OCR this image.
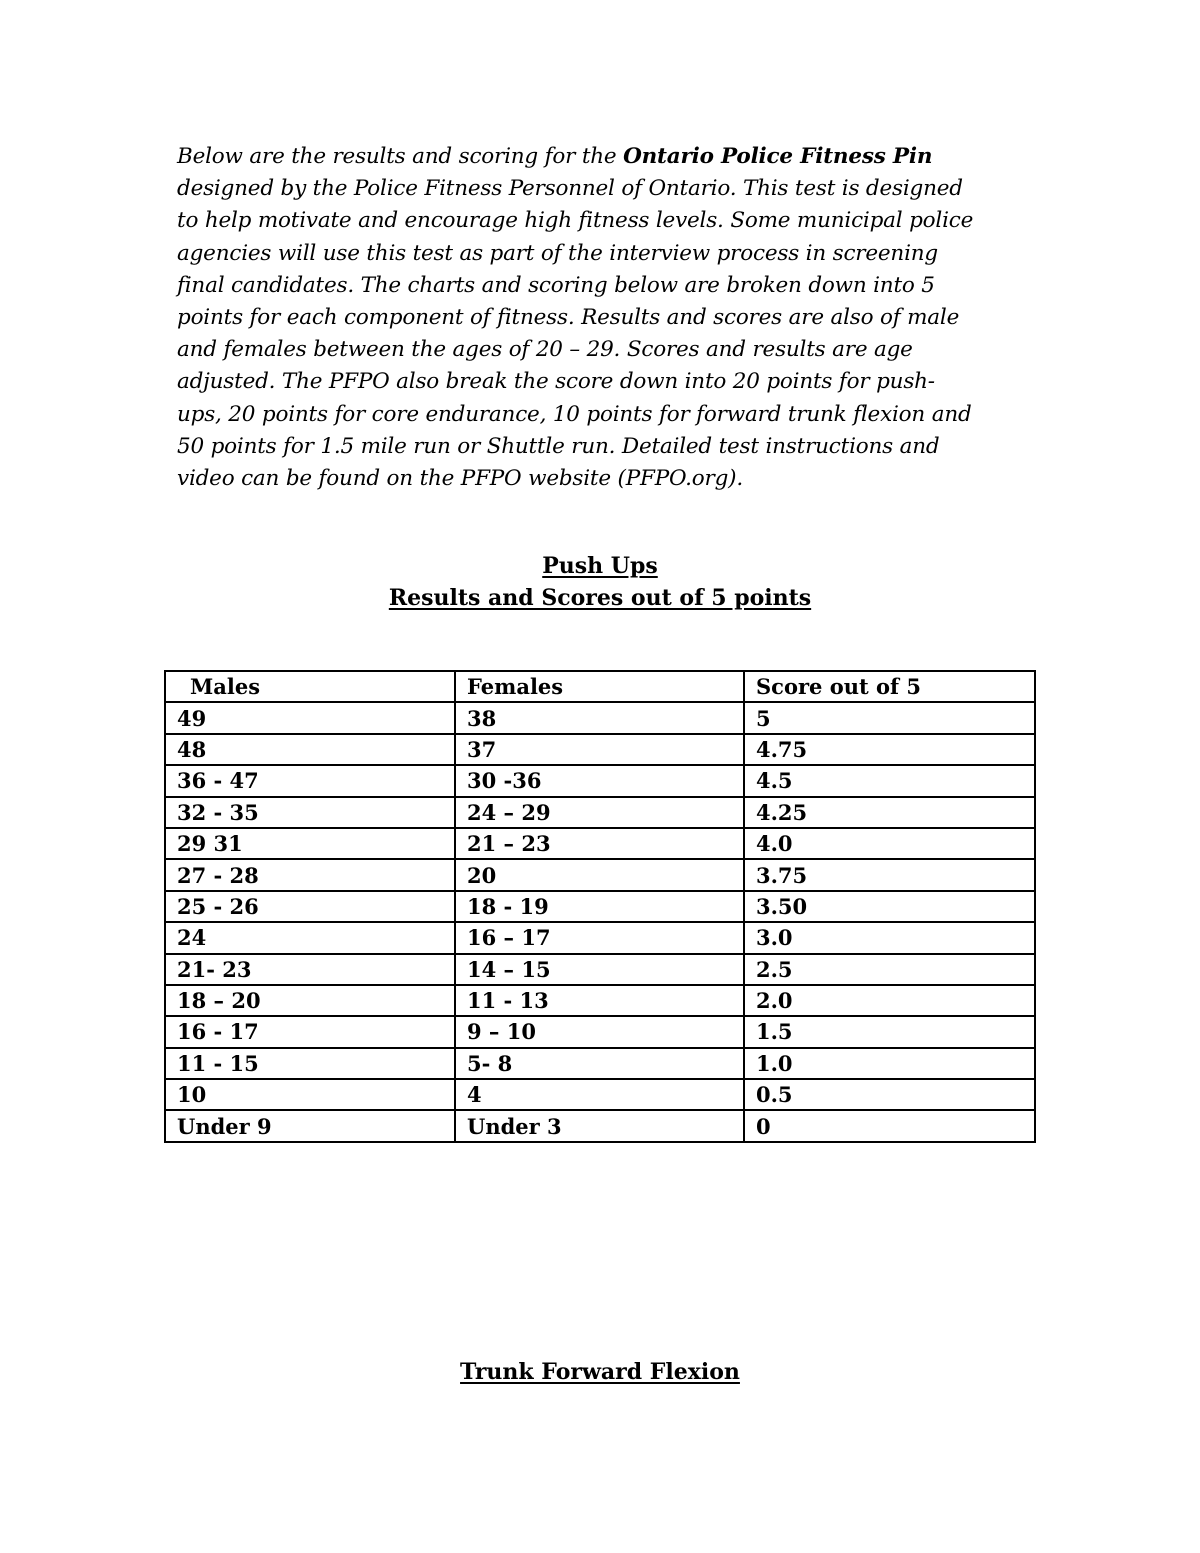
Below are the results and scoring for the Ontario Police Fitness Pin
designed by the Police Fitness Personnel of Ontario. This test is designed
to help motivate and encourage high fitness levels. Some municipal police
agencies will use this test as part of the interview process in screening
final candidates. The charts and scoring below are broken down into 5
points for each component of fitness. Results and scores are also of male
and females between the ages of 20 – 29. Scores and results are age
adjusted. The PFPO also break the score down into 20 points for push-
ups, 20 points for core endurance, 10 points for forward trunk flexion and
50 points for 1.5 mile run or Shuttle run. Detailed test instructions and
video can be found on the PFPO website (PFPO.org).
Push Ups
Results and Scores out of 5 points
Males	Females	Score out of 5
49	38	5
48	37	4.75
36 - 47	30 -36	4.5
32 - 35	24 – 29	4.25
29 31	21 – 23	4.0
27 - 28	20	3.75
25 - 26	18 - 19	3.50
24	16 – 17	3.0
21- 23	14 – 15	2.5
18 – 20	11 - 13	2.0
16 - 17	9 – 10	1.5
11 - 15	5- 8	1.0
10	4	0.5
Under 9	Under 3	0
Trunk Forward Flexion
